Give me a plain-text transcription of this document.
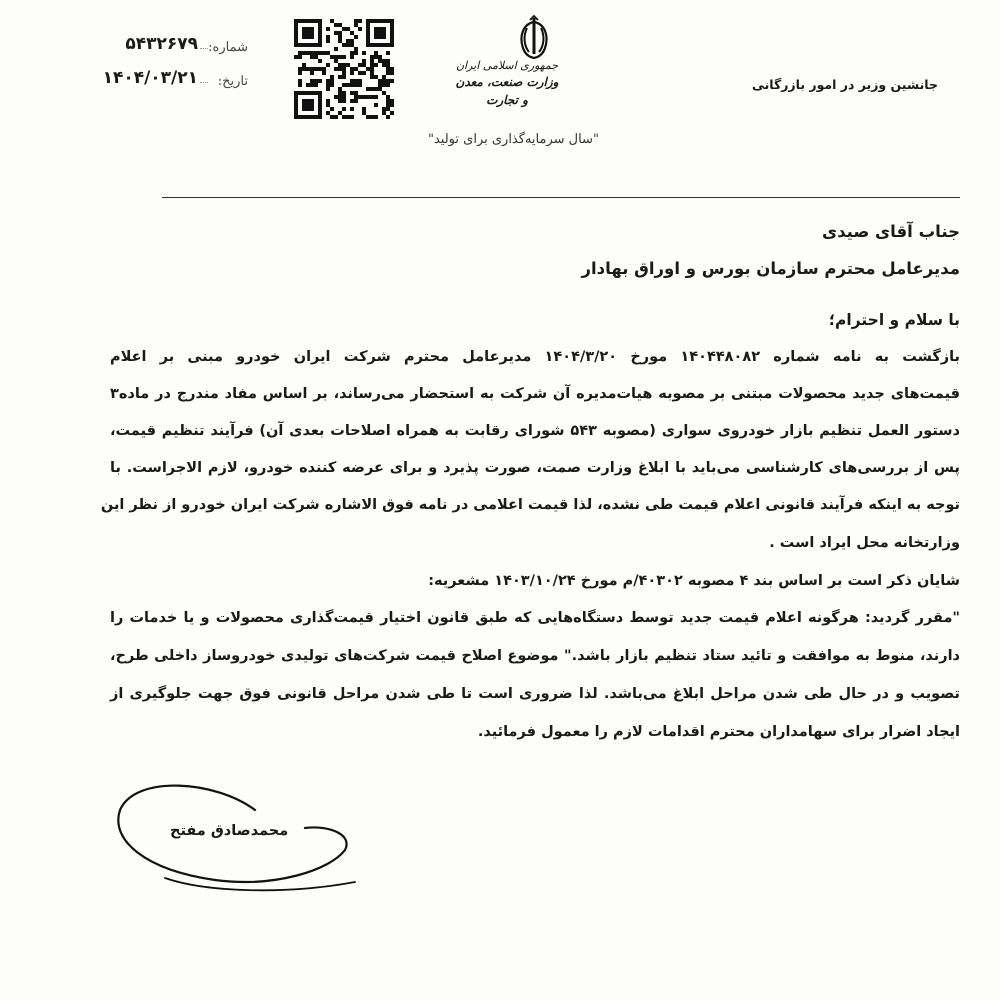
شماره:
۵۴۳۲۶۷۹
تاریخ:
۱۴۰۴/۰۳/۲۱
جمهوری اسلامی ایران
وزارت صنعت، معدن و تجارت
جانشین وزیر در امور بازرگانی
"سال سرمایه‌گذاری برای تولید"
جناب آقای صیدی
مدیرعامل محترم سازمان بورس و اوراق بهادار
با سلام و احترام؛
بازگشت به نامه شماره ۱۴۰۴۴۸۰۸۲ مورخ ۱۴۰۴/۳/۲۰ مدیرعامل محترم شرکت ایران خودرو مبنی بر اعلام
قیمت‌های جدید محصولات مبتنی بر مصوبه هیات‌مدیره آن شرکت به استحضار می‌رساند، بر اساس مفاد مندرج در ماده۳
دستور العمل تنظیم بازار خودروی سواری (مصوبه ۵۴۳ شورای رقابت به همراه اصلاحات بعدی آن) فرآیند تنظیم قیمت،
پس از بررسی‌های کارشناسی می‌باید با ابلاغ وزارت صمت، صورت پذیرد و برای عرضه کننده خودرو، لازم الاجراست. با
توجه به اینکه فرآیند قانونی اعلام قیمت طی نشده، لذا قیمت اعلامی در نامه فوق الاشاره شرکت ایران خودرو از نظر این
وزارتخانه محل ایراد است .
شایان ذکر است بر اساس بند ۴ مصوبه ۴۰۳۰۲/م مورخ ۱۴۰۳/۱۰/۲۴ مشعریه:
"مقرر گردید: هرگونه اعلام قیمت جدید توسط دستگاه‌هایی که طبق قانون اختیار قیمت‌گذاری محصولات و یا خدمات را
دارند، منوط به موافقت و تائید ستاد تنظیم بازار باشد." موضوع اصلاح قیمت شرکت‌های تولیدی خودروساز داخلی طرح،
تصویب و در حال طی شدن مراحل ابلاغ می‌باشد. لذا ضروری است تا طی شدن مراحل قانونی فوق جهت جلوگیری از
ایجاد اضرار برای سهامداران محترم اقدامات لازم را معمول فرمائید.
محمدصادق مفتح
